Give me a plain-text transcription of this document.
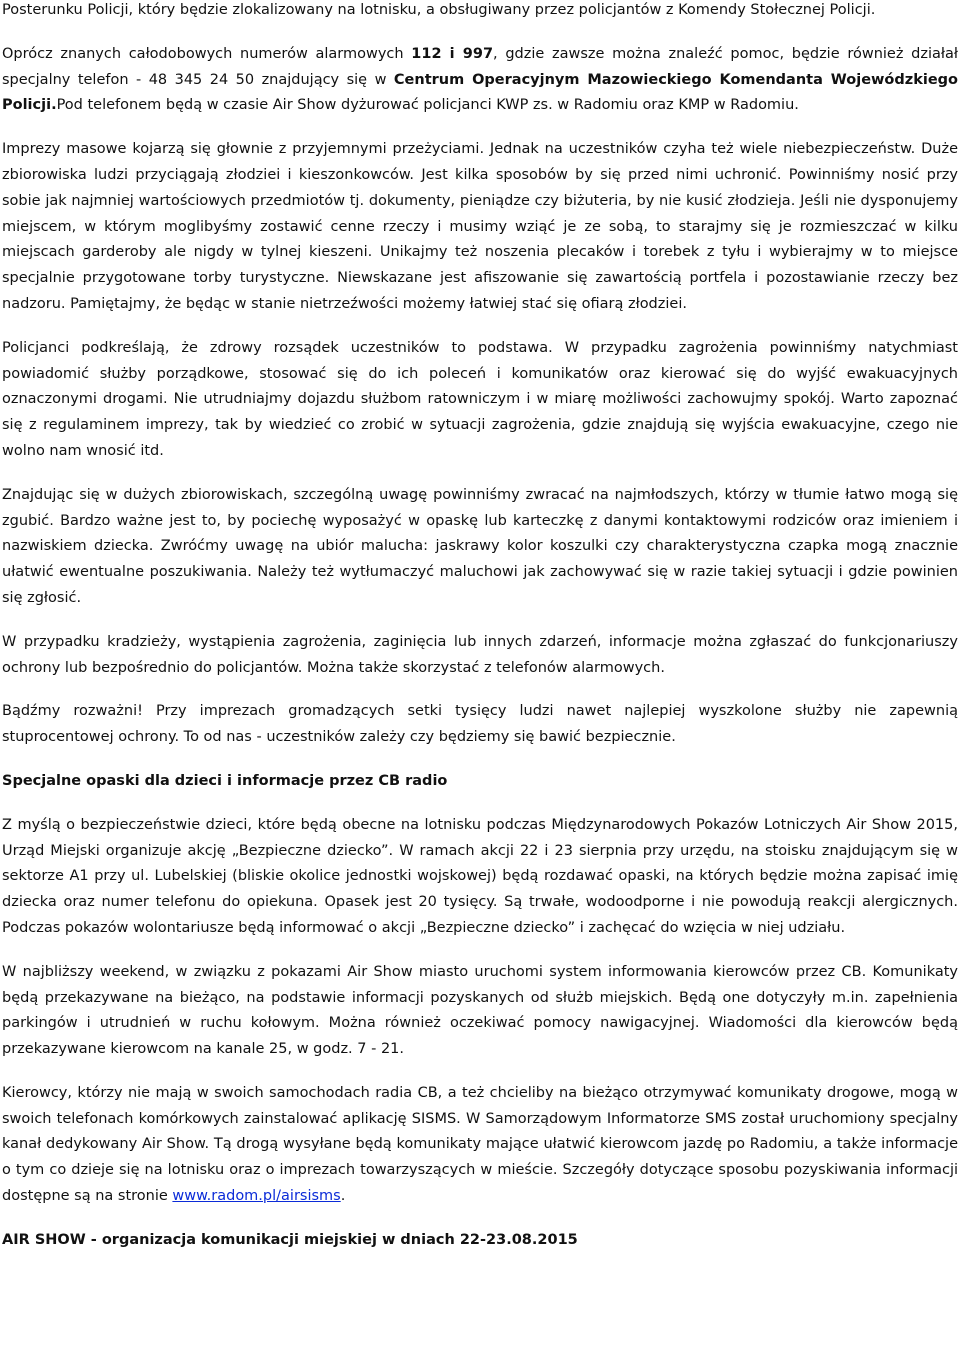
Posterunku Policji, który będzie zlokalizowany na lotnisku, a obsługiwany przez policjantów z Komendy Stołecznej Policji.

Oprócz znanych całodobowych numerów alarmowych 112 i 997, gdzie zawsze można znaleźć pomoc, będzie również działał specjalny telefon - 48 345 24 50 znajdujący się w Centrum Operacyjnym Mazowieckiego Komendanta Wojewódzkiego Policji.Pod telefonem będą w czasie Air Show dyżurować policjanci KWP zs. w Radomiu oraz KMP w Radomiu.

Imprezy masowe kojarzą się głownie z przyjemnymi przeżyciami. Jednak na uczestników czyha też wiele niebezpieczeństw. Duże zbiorowiska ludzi przyciągają złodziei i kieszonkowców. Jest kilka sposobów by się przed nimi uchronić. Powinniśmy nosić przy sobie jak najmniej wartościowych przedmiotów tj. dokumenty, pieniądze czy biżuteria, by nie kusić złodzieja. Jeśli nie dysponujemy miejscem, w którym moglibyśmy zostawić cenne rzeczy i musimy wziąć je ze sobą, to starajmy się je rozmieszczać w kilku miejscach garderoby ale nigdy w tylnej kieszeni. Unikajmy też noszenia plecaków i torebek z tyłu i wybierajmy w to miejsce specjalnie przygotowane torby turystyczne. Niewskazane jest afiszowanie się zawartością portfela i pozostawianie rzeczy bez nadzoru. Pamiętajmy, że będąc w stanie nietrzeźwości możemy łatwiej stać się ofiarą złodziei.

Policjanci podkreślają, że zdrowy rozsądek uczestników to podstawa. W przypadku zagrożenia powinniśmy natychmiast powiadomić służby porządkowe, stosować się do ich poleceń i komunikatów oraz kierować się do wyjść ewakuacyjnych oznaczonymi drogami. Nie utrudniajmy dojazdu służbom ratowniczym i w miarę możliwości zachowujmy spokój. Warto zapoznać się z regulaminem imprezy, tak by wiedzieć co zrobić w sytuacji zagrożenia, gdzie znajdują się wyjścia ewakuacyjne, czego nie wolno nam wnosić itd.

Znajdując się w dużych zbiorowiskach, szczególną uwagę powinniśmy zwracać na najmłodszych, którzy w tłumie łatwo mogą się zgubić. Bardzo ważne jest to, by pociechę wyposażyć w opaskę lub karteczkę z danymi kontaktowymi rodziców oraz imieniem i nazwiskiem dziecka. Zwróćmy uwagę na ubiór malucha: jaskrawy kolor koszulki czy charakterystyczna czapka mogą znacznie ułatwić ewentualne poszukiwania. Należy też wytłumaczyć maluchowi jak zachowywać się w razie takiej sytuacji i gdzie powinien się zgłosić.

W przypadku kradzieży, wystąpienia zagrożenia, zaginięcia lub innych zdarzeń, informacje można zgłaszać do funkcjonariuszy ochrony lub bezpośrednio do policjantów. Można także skorzystać z telefonów alarmowych.

Bądźmy rozważni! Przy imprezach gromadzących setki tysięcy ludzi nawet najlepiej wyszkolone służby nie zapewnią stuprocentowej ochrony. To od nas - uczestników zależy czy będziemy się bawić bezpiecznie.

Specjalne opaski dla dzieci i informacje przez CB radio

Z myślą o bezpieczeństwie dzieci, które będą obecne na lotnisku podczas Międzynarodowych Pokazów Lotniczych Air Show 2015, Urząd Miejski organizuje akcję „Bezpieczne dziecko”. W ramach akcji 22 i 23 sierpnia przy urzędu, na stoisku znajdującym się w sektorze A1 przy ul. Lubelskiej (bliskie okolice jednostki wojskowej) będą rozdawać opaski, na których będzie można zapisać imię dziecka oraz numer telefonu do opiekuna. Opasek jest 20 tysięcy. Są trwałe, wodoodporne i nie powodują reakcji alergicznych. Podczas pokazów wolontariusze będą informować o akcji „Bezpieczne dziecko” i zachęcać do wzięcia w niej udziału.

W najbliższy weekend, w związku z pokazami Air Show miasto uruchomi system informowania kierowców przez CB. Komunikaty będą przekazywane na bieżąco, na podstawie informacji pozyskanych od służb miejskich. Będą one dotyczyły m.in. zapełnienia parkingów i utrudnień w ruchu kołowym. Można również oczekiwać pomocy nawigacyjnej. Wiadomości dla kierowców będą przekazywane kierowcom na kanale 25, w godz. 7 - 21.

Kierowcy, którzy nie mają w swoich samochodach radia CB, a też chcieliby na bieżąco otrzymywać komunikaty drogowe, mogą w swoich telefonach komórkowych zainstalować aplikację SISMS. W Samorządowym Informatorze SMS został uruchomiony specjalny kanał dedykowany Air Show. Tą drogą wysyłane będą komunikaty mające ułatwić kierowcom jazdę po Radomiu, a także informacje o tym co dzieje się na lotnisku oraz o imprezach towarzyszących w mieście. Szczegóły dotyczące sposobu pozyskiwania informacji dostępne są na stronie www.radom.pl/airsisms.

AIR SHOW - organizacja komunikacji miejskiej w dniach 22-23.08.2015
